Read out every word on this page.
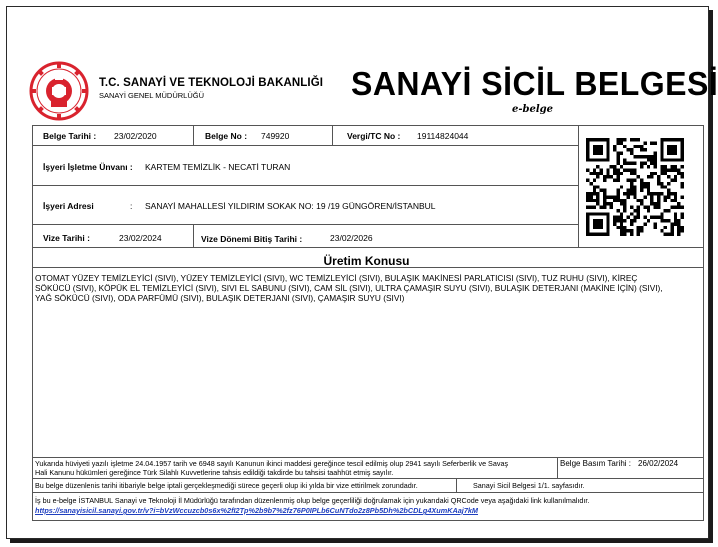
T.C. SANAYİ VE TEKNOLOJİ BAKANLIĞI
SANAYİ GENEL MÜDÜRLÜĞÜ	SANAYİ SİCİL BELGESİ
e-belge
Belge Tarihi : 23/02/2020	Belge No : 749920	Vergi/TC No : 19114824044
İşyeri İşletme Ünvanı : KARTEM TEMİZLİK - NECATİ TURAN
İşyeri Adresi	: SANAYİ MAHALLESİ YILDIRIM SOKAK NO: 19 /19 GÜNGÖREN/İSTANBUL
Vize Tarihi :	23/02/2024	Vize Dönemi Bitiş Tarihi :	23/02/2026
Üretim Konusu
OTOMAT YÜZEY TEMİZLEYİCİ (SIVI), YÜZEY TEMİZLEYİCİ (SIVI), WC TEMİZLEYİCİ (SIVI), BULAŞIK MAKİNESİ PARLATICISI (SIVI), TUZ RUHU (SIVI), KİREÇ
SÖKÜCÜ (SIVI), KÖPÜK EL TEMİZLEYİCİ (SIVI), SIVI EL SABUNU (SIVI), CAM SİL (SIVI), ULTRA ÇAMAŞIR SUYU (SIVI), BULAŞIK DETERJANI (MAKİNE İÇİN) (SIVI),
YAĞ SÖKÜCÜ (SIVI), ODA PARFÜMÜ (SIVI), BULAŞIK DETERJANI (SIVI), ÇAMAŞIR SUYU (SIVI)
Yukarıda hüviyeti yazılı işletme 24.04.1957 tarih ve 6948 sayılı Kanunun ikinci maddesi gereğince tescil edilmiş olup 2941 sayılı Seferberlik ve Savaş
Hali Kanunu hükümleri gereğince Türk Silahlı Kuvvetlerine tahsis edildiği takdirde bu tahsisi taahhüt etmiş sayılır.
Belge Basım Tarihi : 26/02/2024
Bu belge düzenlenis tarihi itibariyle belge iptali gerçekleşmediği sürece geçerli olup iki yılda bir vize ettirilmek zorundadır.	Sanayi Sicil Belgesi 1/1. sayfasıdır.
İş bu e-belge İSTANBUL Sanayi ve Teknoloji İl Müdürlüğü tarafından düzenlenmiş olup belge geçerliliği doğrulamak için yukarıdaki QRCode veya aşağıdaki link kullanılmalıdır.
https://sanayisicil.sanayi.gov.tr/v?i=bVzWccuzcb0s6x%2fI2Tp%2b9b7%2fz76P0IPLb6CuNTdo2z8Pb5Dh%2bCDLg4XumKAaj7kM
